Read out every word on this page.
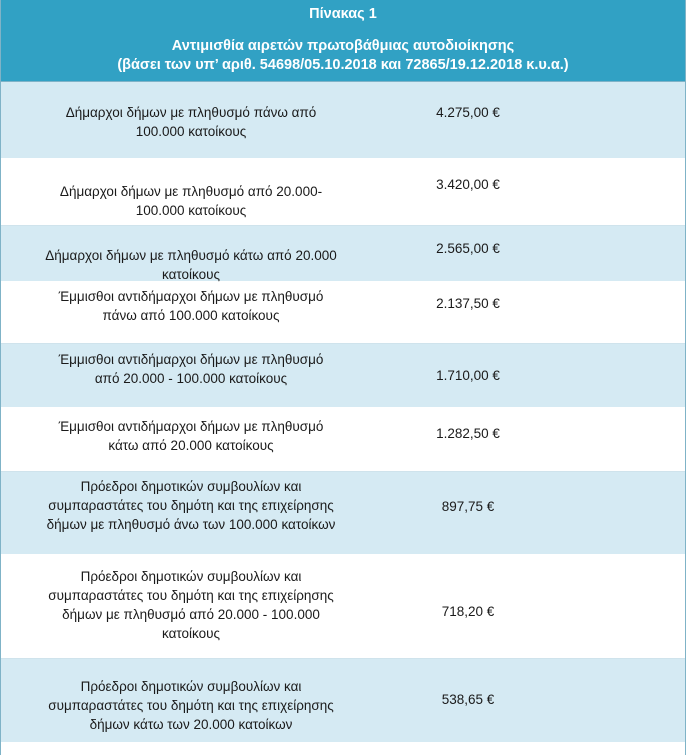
Πίνακας 1
Αντιμισθία αιρετών πρωτοβάθμιας αυτοδιοίκησης
(βάσει των υπ’ αριθ. 54698/05.10.2018 και 72865/19.12.2018 κ.υ.α.)
Δήμαρχοι δήμων με πληθυσμό πάνω από
100.000 κατοίκους
4.275,00 €
Δήμαρχοι δήμων με πληθυσμό από 20.000-
100.000 κατοίκους
3.420,00 €
Δήμαρχοι δήμων με πληθυσμό κάτω από 20.000
κατοίκους
2.565,00 €
Έμμισθοι αντιδήμαρχοι δήμων με πληθυσμό
πάνω από 100.000 κατοίκους
2.137,50 €
Έμμισθοι αντιδήμαρχοι δήμων με πληθυσμό
από 20.000 - 100.000 κατοίκους	1.710,00 €
Έμμισθοι αντιδήμαρχοι δήμων με πληθυσμό
κάτω από 20.000 κατοίκους
1.282,50 €
Πρόεδροι δημοτικών συμβουλίων και
συμπαραστάτες του δημότη και της επιχείρησης
δήμων με πληθυσμό άνω των 100.000 κατοίκων
897,75 €
Πρόεδροι δημοτικών συμβουλίων και
συμπαραστάτες του δημότη και της επιχείρησης
δήμων με πληθυσμό από 20.000 - 100.000
κατοίκους
718,20 €
Πρόεδροι δημοτικών συμβουλίων και
συμπαραστάτες του δημότη και της επιχείρησης
δήμων κάτω των 20.000 κατοίκων
538,65 €
